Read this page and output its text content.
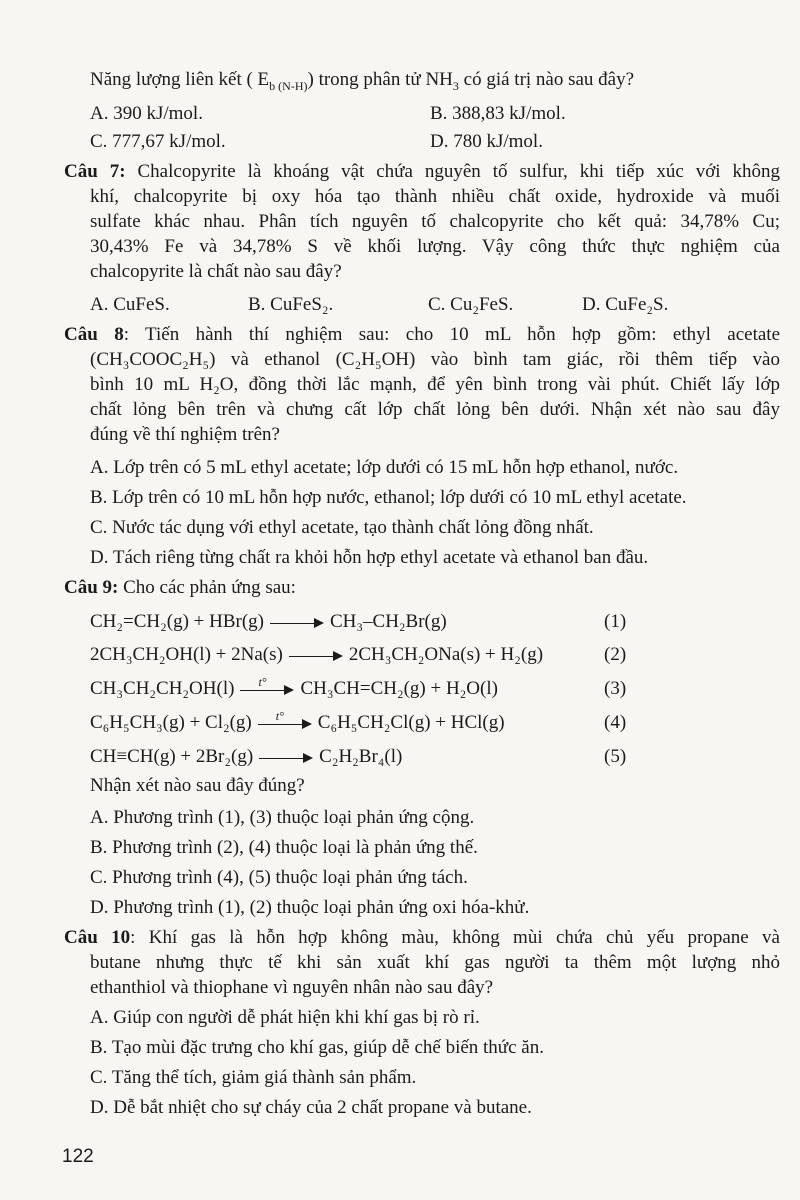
Năng lượng liên kết ( $E_{b (N-H)}$) trong phân tử $NH_3$ có giá trị nào sau đây?
A. 390 kJ/mol.	B. 388,83 kJ/mol.
C. 777,67 kJ/mol.	D. 780 kJ/mol.
Câu 7: Chalcopyrite là khoáng vật chứa nguyên tố sulfur, khi tiếp xúc với không
khí, chalcopyrite bị oxy hóa tạo thành nhiều chất oxide, hydroxide và muối
sulfate khác nhau. Phân tích nguyên tố chalcopyrite cho kết quả: 34,78% Cu;
30,43% Fe và 34,78% S về khối lượng. Vậy công thức thực nghiệm của
chalcopyrite là chất nào sau đây?
A. CuFeS.	B. CuFeS₂.	C. Cu₂FeS.	D. CuFe₂S.
Câu 8: Tiến hành thí nghiệm sau: cho 10 mL hỗn hợp gồm: ethyl acetate
(CH₃COOC₂H₅) và ethanol (C₂H₅OH) vào bình tam giác, rồi thêm tiếp vào
bình 10 mL H₂O, đồng thời lắc mạnh, để yên bình trong vài phút. Chiết lấy lớp
chất lỏng bên trên và chưng cất lớp chất lỏng bên dưới. Nhận xét nào sau đây
đúng về thí nghiệm trên?
A. Lớp trên có 5 mL ethyl acetate; lớp dưới có 15 mL hỗn hợp ethanol, nước.
B. Lớp trên có 10 mL hỗn hợp nước, ethanol; lớp dưới có 10 mL ethyl acetate.
C. Nước tác dụng với ethyl acetate, tạo thành chất lỏng đồng nhất.
D. Tách riêng từng chất ra khỏi hỗn hợp ethyl acetate và ethanol ban đầu.
Câu 9: Cho các phản ứng sau:
CH₂=CH₂(g) + HBr(g)	CH₃–CH₂Br(g)	(1)
2CH₃CH₂OH(l) + 2Na(s)	2CH₃CH₂ONa(s) + H₂(g)	(2)
CH₃CH₂CH₂OH(l) t° CH₃CH=CH₂(g) + H₂O(l)	(3)
C₆H₅CH₃(g) + Cl₂(g) t° C₆H₅CH₂Cl(g) + HCl(g)	(4)
CH≡CH(g) + 2Br₂(g)	C₂H₂Br₄(l)	(5)
Nhận xét nào sau đây đúng?
A. Phương trình (1), (3) thuộc loại phản ứng cộng.
B. Phương trình (2), (4) thuộc loại là phản ứng thế.
C. Phương trình (4), (5) thuộc loại phản ứng tách.
D. Phương trình (1), (2) thuộc loại phản ứng oxi hóa-khử.
Câu 10: Khí gas là hỗn hợp không màu, không mùi chứa chủ yếu propane và
butane nhưng thực tế khi sản xuất khí gas người ta thêm một lượng nhỏ
ethanthiol và thiophane vì nguyên nhân nào sau đây?
A. Giúp con người dễ phát hiện khi khí gas bị rò rỉ.
B. Tạo mùi đặc trưng cho khí gas, giúp dễ chế biến thức ăn.
C. Tăng thể tích, giảm giá thành sản phẩm.
D. Dễ bắt nhiệt cho sự cháy của 2 chất propane và butane.
122
